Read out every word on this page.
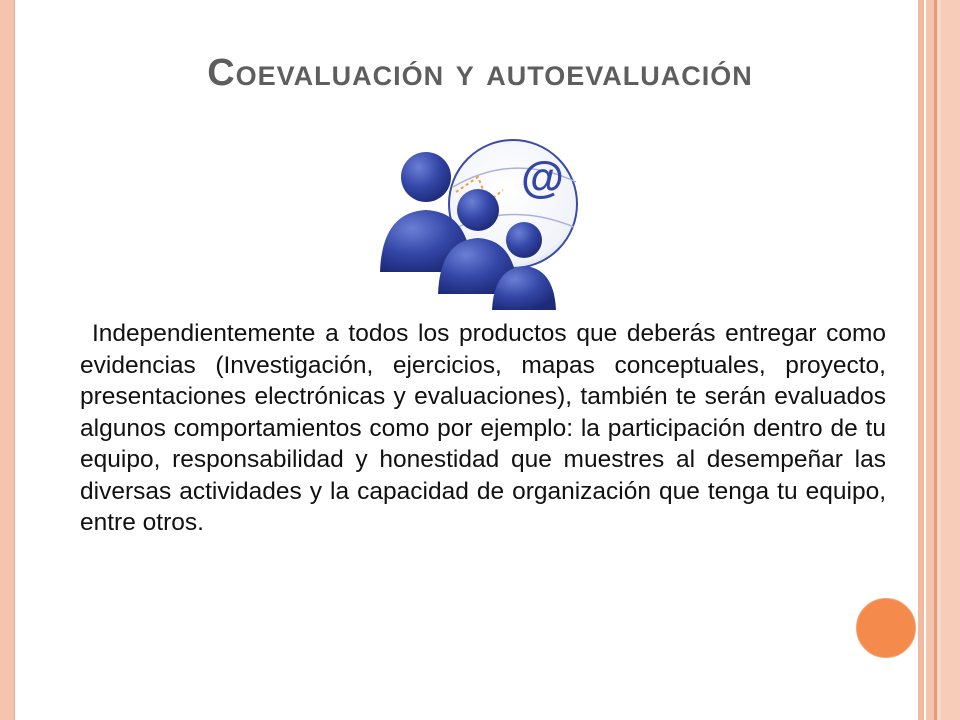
Coevaluación y autoevaluación
@

Independientemente a todos los productos que deberás entregar como evidencias (Investigación, ejercicios, mapas conceptuales, proyecto, presentaciones electrónicas y evaluaciones), también te serán evaluados algunos comportamientos como por ejemplo: la participación dentro de tu equipo, responsabilidad y honestidad que muestres al desempeñar las diversas actividades y la capacidad de organización que tenga tu equipo, entre otros.
